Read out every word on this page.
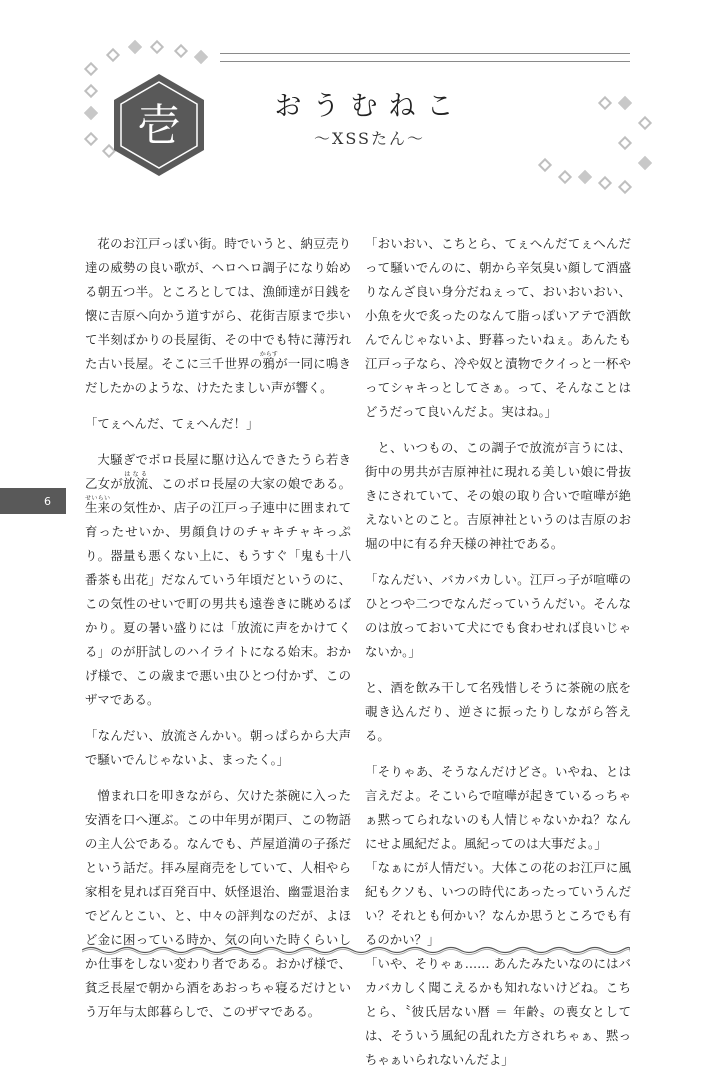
壱	おうむねこ
～XSSたん～

花のお江戸っぽい街。時でいうと、納豆売り達の威勢の良い歌が、ヘロヘロ調子になり始める朝五つ半。ところとしては、漁師達が日銭を懐に吉原へ向かう道すがら、花街吉原まで歩いて半刻ばかりの長屋街、その中でも特に薄汚れた古い長屋。そこに三千世界の鴉からすが一同に鳴きだしたかのような、けたたましい声が響く。

「てぇへんだ、てぇへんだ！」

大騒ぎでボロ長屋に駆け込んできたうら若き乙女が放流はなる、このボロ長屋の大家の娘である。生来せいらいの気性か、店子の江戸っ子連中に囲まれて育ったせいか、男顔負けのチャキチャキっぷり。器量も悪くない上に、もうすぐ「鬼も十八番茶も出花」だなんていう年頃だというのに、この気性のせいで町の男共も遠巻きに眺めるばかり。夏の暑い盛りには「放流に声をかけてくる」のが肝試しのハイライトになる始末。おかげ様で、この歳まで悪い虫ひとつ付かず、このザマである。

「なんだい、放流さんかい。朝っぱらから大声で騒いでんじゃないよ、まったく。」

憎まれ口を叩きながら、欠けた茶碗に入った安酒を口へ運ぶ。この中年男が閑戸、この物語の主人公である。なんでも、芦屋道満の子孫だという話だ。拝み屋商売をしていて、人相やら家相を見れば百発百中、妖怪退治、幽霊退治までどんとこい、と、中々の評判なのだが、よほど金に困っている時か、気の向いた時くらいしか仕事をしない変わり者である。おかげ様で、貧乏長屋で朝から酒をあおっちゃ寝るだけという万年与太郎暮らしで、このザマである。

「おいおい、こちとら、てぇへんだてぇへんだって騒いでんのに、朝から辛気臭い顔して酒盛りなんざ良い身分だねぇって、おいおいおい、小魚を火で炙ったのなんて脂っぽいアテで酒飲んでんじゃないよ、野暮ったいねぇ。あんたも江戸っ子なら、冷や奴と漬物でクイっと一杯やってシャキっとしてさぁ。って、そんなことはどうだって良いんだよ。実はね。」

と、いつもの、この調子で放流が言うには、街中の男共が吉原神社に現れる美しい娘に骨抜きにされていて、その娘の取り合いで喧嘩が絶えないとのこと。吉原神社というのは吉原のお堀の中に有る弁天様の神社である。

「なんだい、バカバカしい。江戸っ子が喧嘩のひとつや二つでなんだっていうんだい。そんなのは放っておいて犬にでも食わせれば良いじゃないか。」

と、酒を飲み干して名残惜しそうに茶碗の底を覗き込んだり、逆さに振ったりしながら答える。

「そりゃあ、そうなんだけどさ。いやね、とは言えだよ。そこいらで喧嘩が起きているっちゃぁ黙ってられないのも人情じゃないかね？なんにせよ風紀だよ。風紀ってのは大事だよ。」

「なぁにが人情だい。大体この花のお江戸に風紀もクソも、いつの時代にあったっていうんだい？それとも何かい？なんか思うところでも有るのかい？」

「いや、そりゃぁ…… あんたみたいなのにはバカバカしく聞こえるかも知れないけどね。こちとら、〝彼氏居ない暦 ＝ 年齢〟の喪女としては、そういう風紀の乱れた方されちゃぁ、黙っちゃぁいられないんだよ」

6
